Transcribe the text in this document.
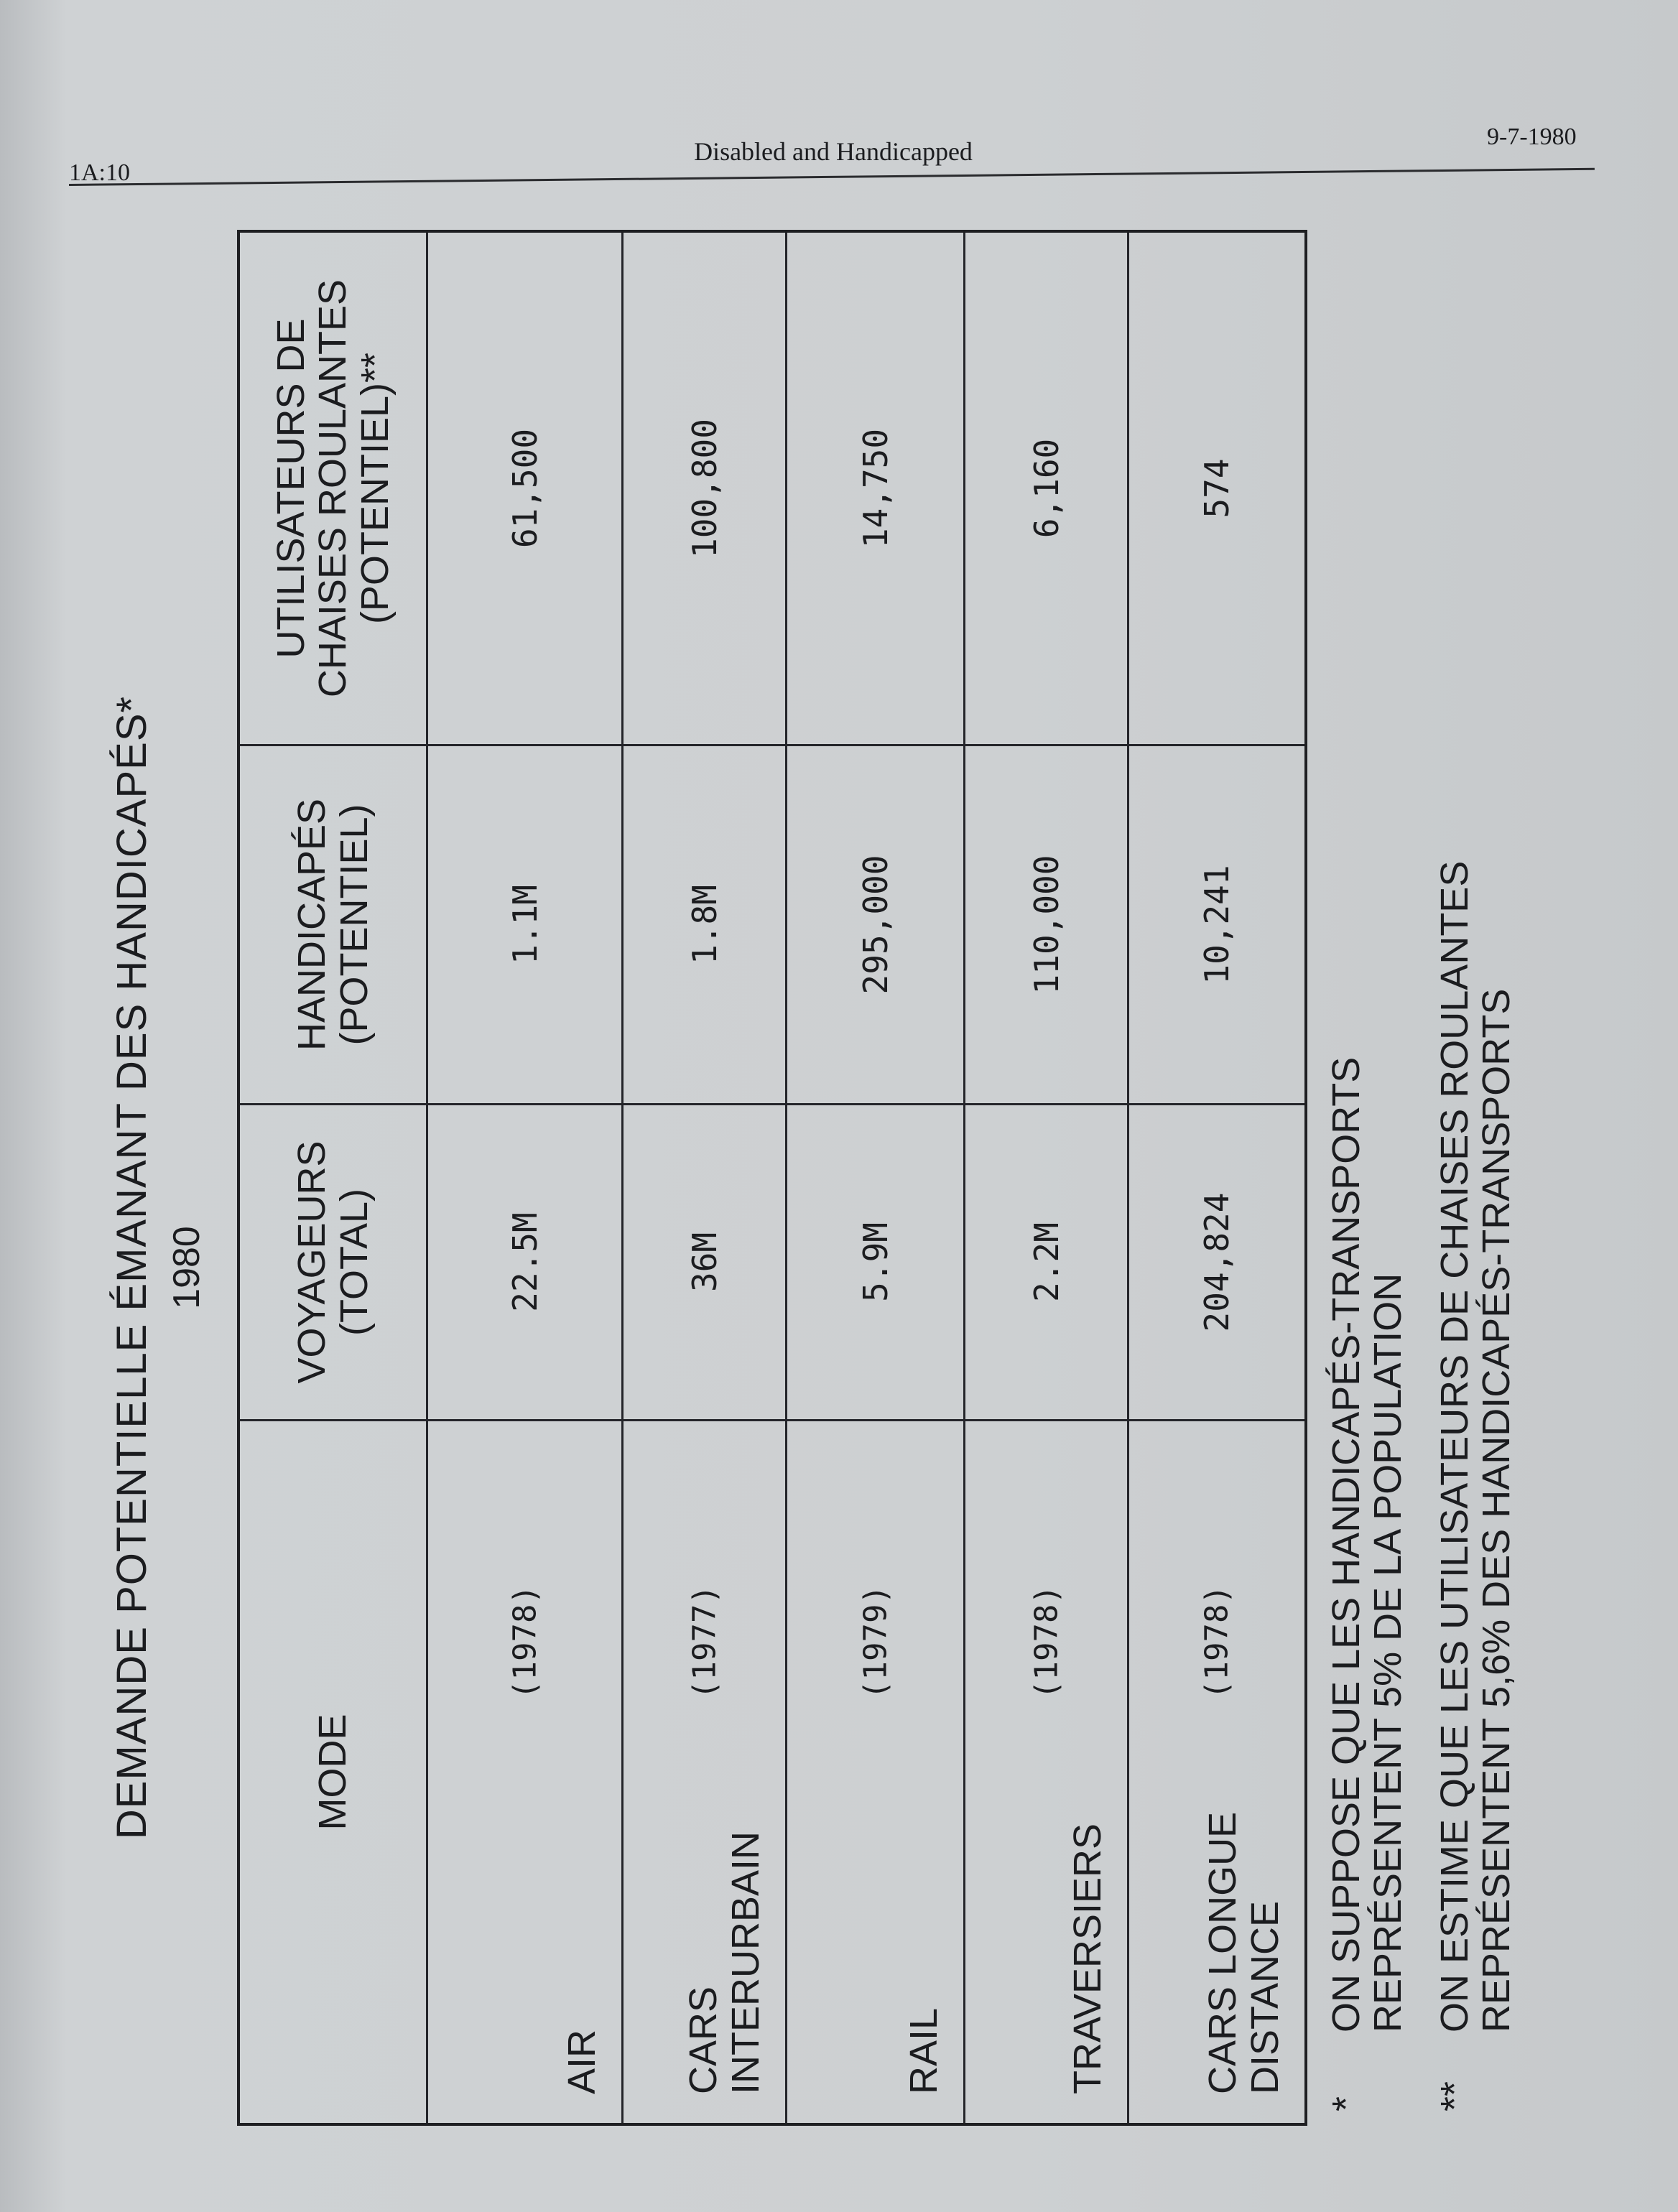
1A:10
Disabled and Handicapped
9-7-1980
DEMANDE POTENTIELLE ÉMANANT DES HANDICAPÉS* 1980
MODE
VOYAGEURS
(TOTAL)
HANDICAPÉS
(POTENTIEL)
UTILISATEURS DE
CHAISES ROULANTES
(POTENTIEL)**
AIR
(1978)
22.5M
1.1M
61,500
CARS
INTERURBAIN
(1977)
36M
1.8M
100,800
RAIL
(1979)
5.9M
295,000
14,750
TRAVERSIERS
(1978)
2.2M
110,000
6,160
CARS LONGUE
DISTANCE
(1978)
204,824
10,241
574
*
ON SUPPOSE QUE LES HANDICAPÉS-TRANSPORTS
REPRÉSENTENT 5% DE LA POPULATION
**
ON ESTIME QUE LES UTILISATEURS DE CHAISES ROULANTES
REPRÉSENTENT 5,6% DES HANDICAPÉS-TRANSPORTS
